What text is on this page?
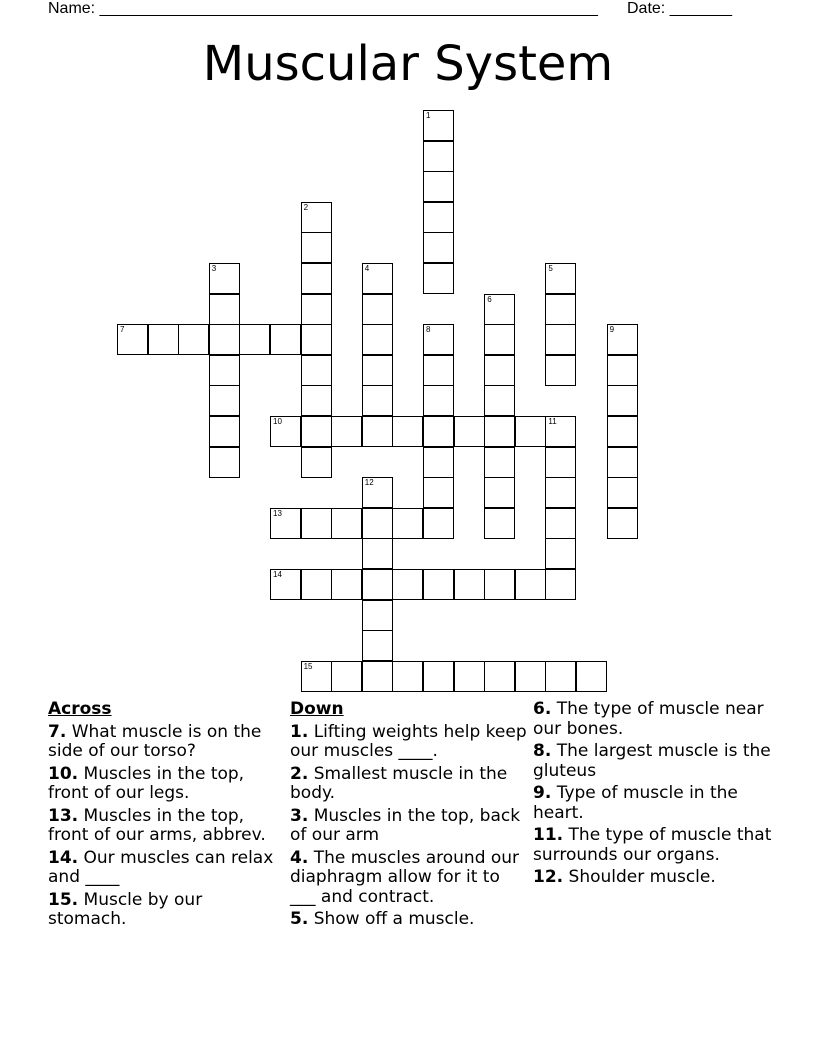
Name: ________________________________________________________ Date: _______
Muscular System
1
2
3	4	5
6
7	8	9
10	11
12
13
14
15
Across
7. What muscle is on the side of our torso?
10. Muscles in the top, front of our legs.
13. Muscles in the top, front of our arms, abbrev.
14. Our muscles can relax and ____
15. Muscle by our stomach.
Down
1. Lifting weights help keep our muscles ____.
2. Smallest muscle in the body.
3. Muscles in the top, back of our arm
4. The muscles around our diaphragm allow for it to ___ and contract.
5. Show off a muscle.
6. The type of muscle near our bones.
8. The largest muscle is the gluteus
9. Type of muscle in the heart.
11. The type of muscle that surrounds our organs.
12. Shoulder muscle.
